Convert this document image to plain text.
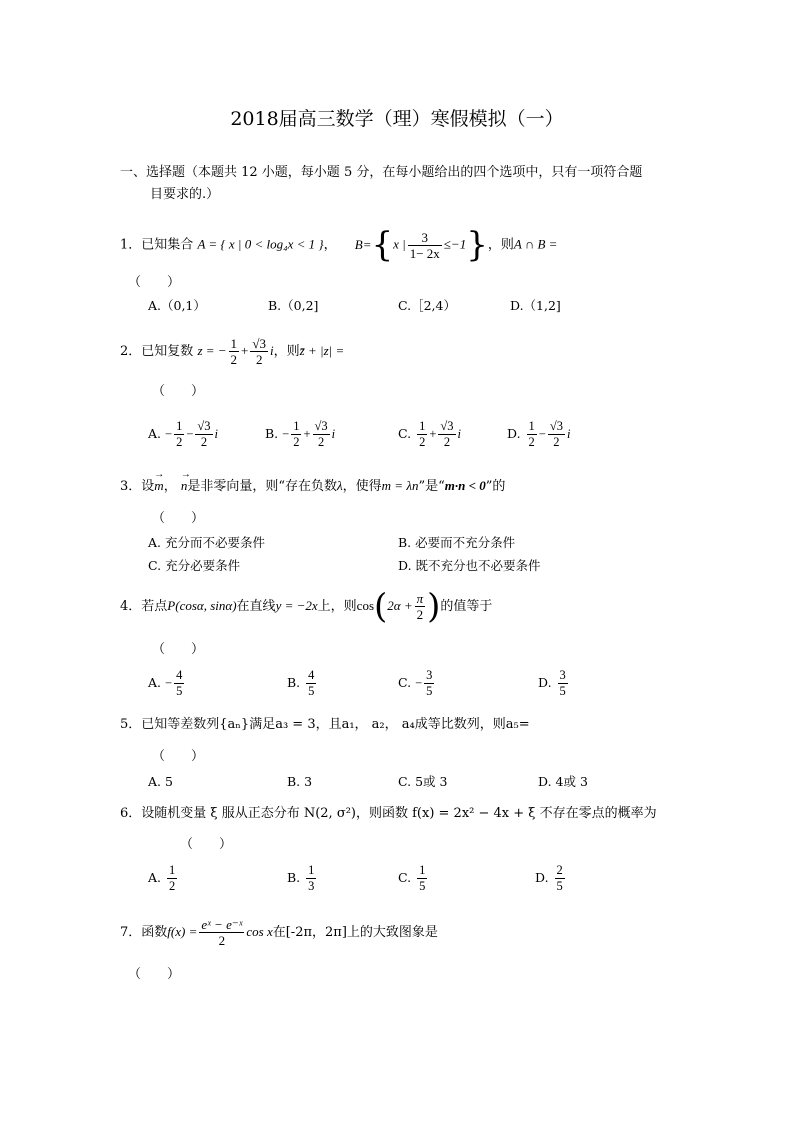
2018届高三数学（理）寒假模拟（一）
一、选择题（本题共 12 小题，每小题 5 分，在每小题给出的四个选项中，只有一项符合题
目要求的.）
1．已知集合 A = { x | 0 < log₄x < 1 }， B={x | $\frac{3}{1- 2x} \le-1$}，则A ∩ B =
（　　）
A.（0,1）	B.（0,2]	C.［2,4）	D.（1,2]
2．已知复数 z = − $\frac{1}{2} + \frac{√3}{2}$ i，则z̄ + |z| =
（　　）
A. − $\frac{1}{2} - \frac{√3}{2}$ i	B. − $\frac{1}{2} + \frac{√3}{2}$ i	C. $\frac{1}{2} + \frac{√3}{2}$ i	D. $\frac{1}{2} - \frac{√3}{2}$ i
3．设→ m， → n是非零向量，则“存在负数λ，使得m = λn”是“m·n < 0”的
（　　）
A. 充分而不必要条件	B. 必要而不充分条件
C. 充分必要条件	D. 既不充分也不必要条件
4．若点P(cosα, sinα)在直线y = −2x上，则$\cos(2\alpha + \frac{\pi}{2}$ )的值等于
（　　）
A. − $\frac{4}{5}$	B. $\frac{4}{5}$	C. − $\frac{3}{5}$	D. $\frac{3}{5}$
5．已知等差数列{aₙ}满足a₃ = 3，且a₁， a₂， a₄成等比数列，则a₅=
（　　）
A. 5	B. 3	C. 5或 3	D. 4或 3
6．设随机变量 ξ 服从正态分布 N(2, σ²)，则函数 f(x) = 2x² − 4x + ξ 不存在零点的概率为
（　　）
A. $\frac{1}{2}$	B. $\frac{1}{3}$	C. $\frac{1}{5}$	D. $\frac{2}{5}$
7．函数$f(x) = \frac{\text{eˣ − e⁻ˣ}}{2}$ cos x在[-2π，2π]上的大致图象是
（　　）
